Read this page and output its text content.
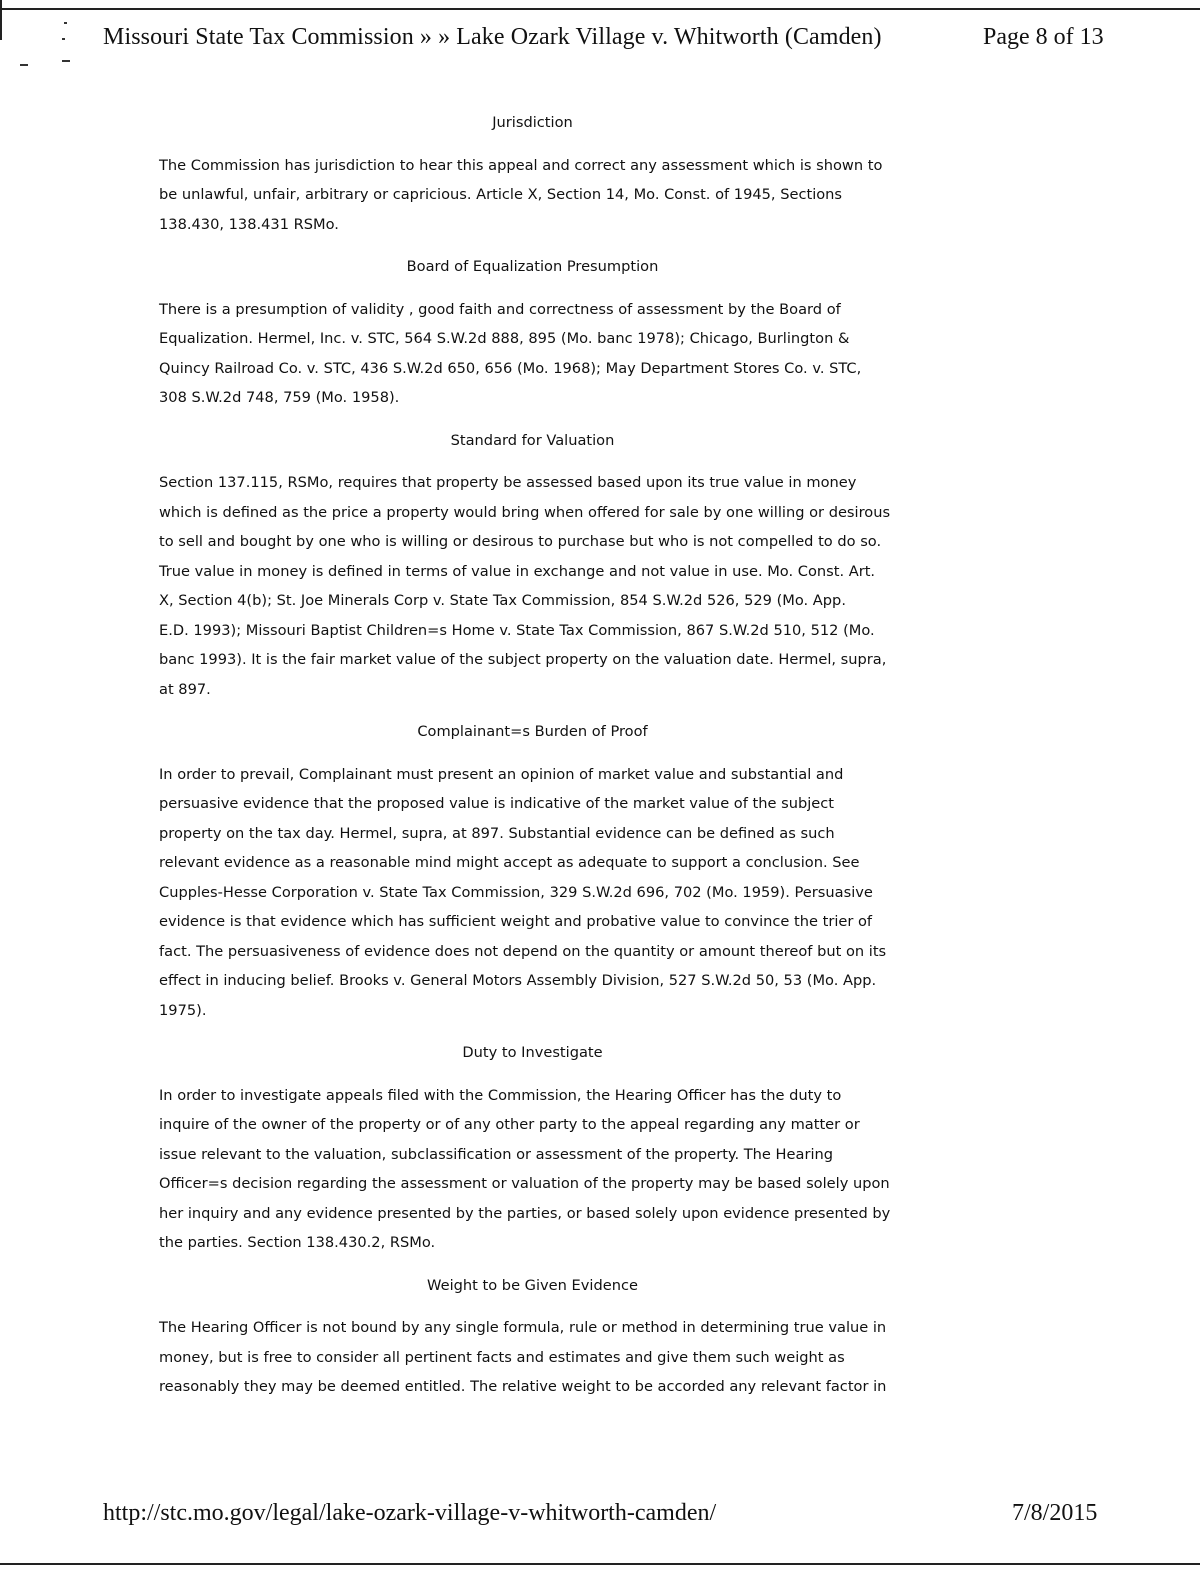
Missouri State Tax Commission » » Lake Ozark Village v. Whitworth (Camden)	Page 8 of 13
Jurisdiction
The Commission has jurisdiction to hear this appeal and correct any assessment which is shown to
be unlawful, unfair, arbitrary or capricious. Article X, Section 14, Mo. Const. of 1945, Sections
138.430, 138.431 RSMo.
Board of Equalization Presumption
There is a presumption of validity , good faith and correctness of assessment by the Board of
Equalization. Hermel, Inc. v. STC, 564 S.W.2d 888, 895 (Mo. banc 1978); Chicago, Burlington &
Quincy Railroad Co. v. STC, 436 S.W.2d 650, 656 (Mo. 1968); May Department Stores Co. v. STC,
308 S.W.2d 748, 759 (Mo. 1958).
Standard for Valuation
Section 137.115, RSMo, requires that property be assessed based upon its true value in money
which is defined as the price a property would bring when offered for sale by one willing or desirous
to sell and bought by one who is willing or desirous to purchase but who is not compelled to do so.
True value in money is defined in terms of value in exchange and not value in use. Mo. Const. Art.
X, Section 4(b); St. Joe Minerals Corp v. State Tax Commission, 854 S.W.2d 526, 529 (Mo. App.
E.D. 1993); Missouri Baptist Children=s Home v. State Tax Commission, 867 S.W.2d 510, 512 (Mo.
banc 1993). It is the fair market value of the subject property on the valuation date. Hermel, supra,
at 897.
Complainant=s Burden of Proof
In order to prevail, Complainant must present an opinion of market value and substantial and
persuasive evidence that the proposed value is indicative of the market value of the subject
property on the tax day. Hermel, supra, at 897. Substantial evidence can be defined as such
relevant evidence as a reasonable mind might accept as adequate to support a conclusion. See
Cupples-Hesse Corporation v. State Tax Commission, 329 S.W.2d 696, 702 (Mo. 1959). Persuasive
evidence is that evidence which has sufficient weight and probative value to convince the trier of
fact. The persuasiveness of evidence does not depend on the quantity or amount thereof but on its
effect in inducing belief. Brooks v. General Motors Assembly Division, 527 S.W.2d 50, 53 (Mo. App.
1975).
Duty to Investigate
In order to investigate appeals filed with the Commission, the Hearing Officer has the duty to
inquire of the owner of the property or of any other party to the appeal regarding any matter or
issue relevant to the valuation, subclassification or assessment of the property. The Hearing
Officer=s decision regarding the assessment or valuation of the property may be based solely upon
her inquiry and any evidence presented by the parties, or based solely upon evidence presented by
the parties. Section 138.430.2, RSMo.
Weight to be Given Evidence
The Hearing Officer is not bound by any single formula, rule or method in determining true value in
money, but is free to consider all pertinent facts and estimates and give them such weight as
reasonably they may be deemed entitled. The relative weight to be accorded any relevant factor in
http://stc.mo.gov/legal/lake-ozark-village-v-whitworth-camden/	7/8/2015
